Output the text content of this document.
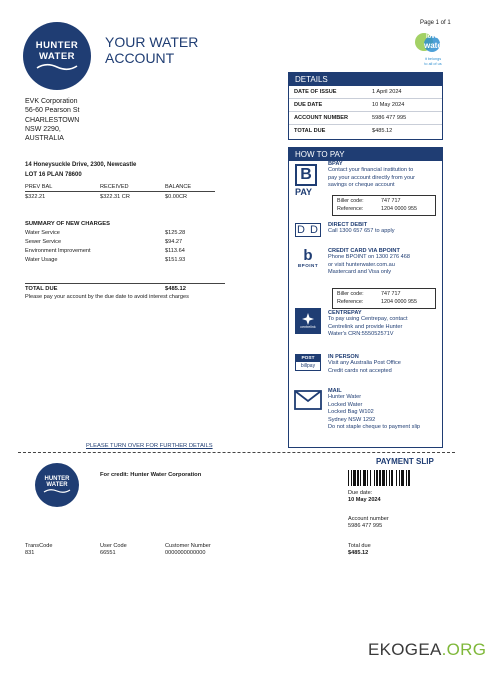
Page 1 of 1
HUNTER
WATER
YOUR WATER
ACCOUNT
love
water
it belongs
to all of us
EVK Corporation
56-60 Pearson St
CHARLESTOWN
NSW 2290,
AUSTRALIA
14 Honeysuckle Drive, 2300, Newcastle
LOT 16 PLAN 78600
PREV BAL	RECEIVED	BALANCE
$322.21	$322.31 CR	$0.00CR
SUMMARY OF NEW CHARGES
Water Service	$125.28
Sewer Service	$94.27
Environment Improvement	$113.64
Water Usage	$151.93
TOTAL DUE	$485.12
Please pay your account by the due date to avoid interest charges
DETAILS
DATE OF ISSUE	1 April 2024
DUE DATE	10 May 2024
ACCOUNT NUMBER	5986 477 995
TOTAL DUE	$485.12
HOW TO PAY
B
PAY
BPAY
Contact your financial institution to
pay your account directly from your
savings or cheque account
Biller code:	747 717
Reference:	1204 0000 955
D D	DIRECT DEBIT
Call 1300 657 657 to apply
b
BPOINT
CREDIT CARD VIA BPOINT
Phone BPOINT on 1300 276 468
or visit hunterwater.com.au
Mastercard and Visa only
Biller code:	747 717
Reference:	1204 0000 955
centrelink
CENTREPAY
To pay using Centrepay, contact
Centrelink and provide Hunter
Water's CRN:555052571V
POST
billpay
IN PERSON
Visit any Australia Post Office
Credit cards not accepted
MAIL
Hunter Water
Locked Water
Locked Bag W102
Sydney NSW 1292
Do not staple cheque to payment slip
PLEASE TURN OVER FOR FURTHER DETAILS
PAYMENT SLIP
HUNTER
WATER
For credit: Hunter Water Corporation
Due date:
10 May 2024
Account number
5986 477 995
Total due
$485.12
TransCode
831
User Code
66551
Customer Number
0000000000000
EKOGEA.ORG
